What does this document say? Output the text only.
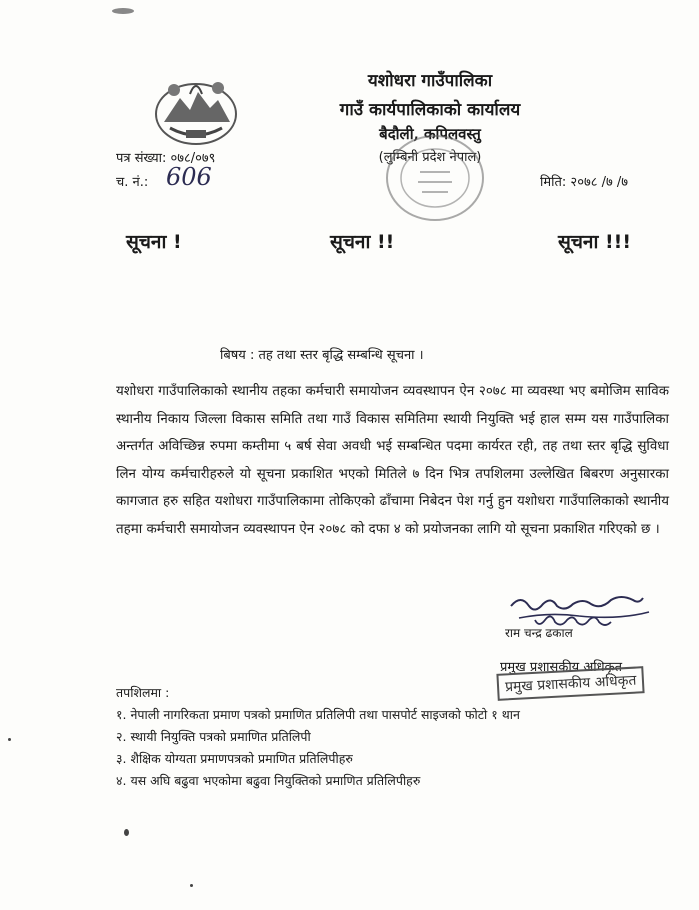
यशोधरा गाउँपालिका
गाउँ कार्यपालिकाको कार्यालय
बैदौली, कपिलवस्तु
(लुम्बिनी प्रदेश नेपाल)
पत्र संख्या: ०७८/०७९
च. नं.: 606	मिति: २०७८ /७ /७
सूचना !	सूचना !!	सूचना !!!
बिषय : तह तथा स्तर बृद्धि सम्बन्धि सूचना ।
यशोधरा गाउँपालिकाको स्थानीय तहका कर्मचारी समायोजन व्यवस्थापन ऐन २०७८ मा व्यवस्था भए बमोजिम साविक स्थानीय निकाय जिल्ला विकास समिति तथा गाउँ विकास समितिमा स्थायी नियुक्ति भई हाल सम्म यस गाउँपालिका अन्तर्गत अविच्छिन्न रुपमा कम्तीमा ५ बर्ष सेवा अवधी भई सम्बन्धित पदमा कार्यरत रही, तह तथा स्तर बृद्धि सुविधा लिन योग्य कर्मचारीहरुले यो सूचना प्रकाशित भएको मितिले ७ दिन भित्र तपशिलमा उल्लेखित बिबरण अनुसारका कागजात हरु सहित यशोधरा गाउँपालिकामा तोकिएको ढाँचामा निबेदन पेश गर्नु हुन यशोधरा गाउँपालिकाको स्थानीय तहमा कर्मचारी समायोजन व्यवस्थापन ऐन २०७८ को दफा ४ को प्रयोजनका लागि यो सूचना प्रकाशित गरिएको छ ।
राम चन्द्र ढकाल
प्रमुख प्रशासकीय अधिकृत
प्रमुख प्रशासकीय अधिकृत
तपशिलमा :
१. नेपाली नागरिकता प्रमाण पत्रको प्रमाणित प्रतिलिपी तथा पासपोर्ट साइजको फोटो १ थान
२. स्थायी नियुक्ति पत्रको प्रमाणित प्रतिलिपी
३. शैक्षिक योग्यता प्रमाणपत्रको प्रमाणित प्रतिलिपीहरु
४. यस अघि बढुवा भएकोमा बढुवा नियुक्तिको प्रमाणित प्रतिलिपीहरु
